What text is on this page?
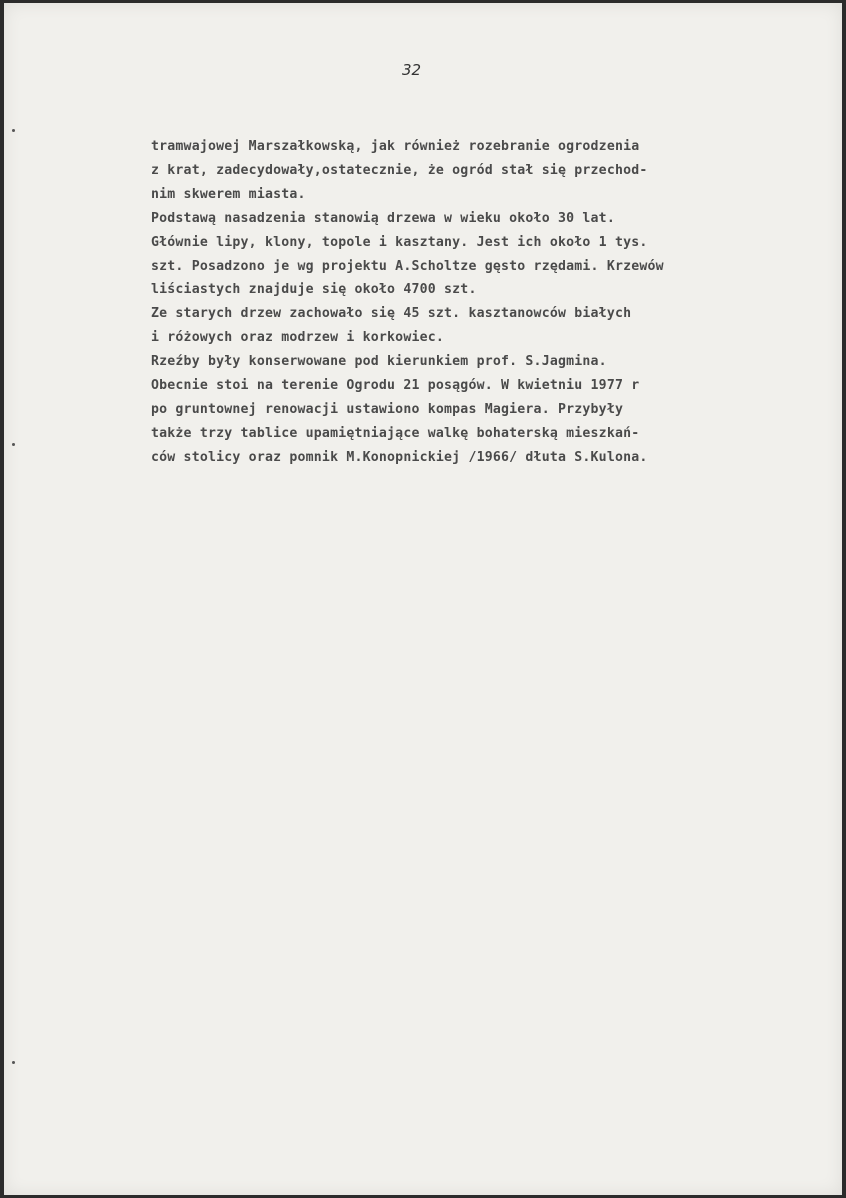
32
tramwajowej Marszałkowską, jak również rozebranie ogrodzenia
z krat, zadecydowały,ostatecznie, że ogród stał się przechod-
nim skwerem miasta.
Podstawą nasadzenia stanowią drzewa w wieku około 30 lat.
Głównie lipy, klony, topole i kasztany. Jest ich około 1 tys.
szt. Posadzono je wg projektu A.Scholtze gęsto rzędami. Krzewów
liściastych znajduje się około 4700 szt.
Ze starych drzew zachowało się 45 szt. kasztanowców białych
i różowych oraz modrzew i korkowiec.
Rzeźby były konserwowane pod kierunkiem prof. S.Jagmina.
Obecnie stoi na terenie Ogrodu 21 posągów. W kwietniu 1977 r
po gruntownej renowacji ustawiono kompas Magiera. Przybyły
także trzy tablice upamiętniające walkę bohaterską mieszkań-
ców stolicy oraz pomnik M.Konopnickiej /1966/ dłuta S.Kulona.
